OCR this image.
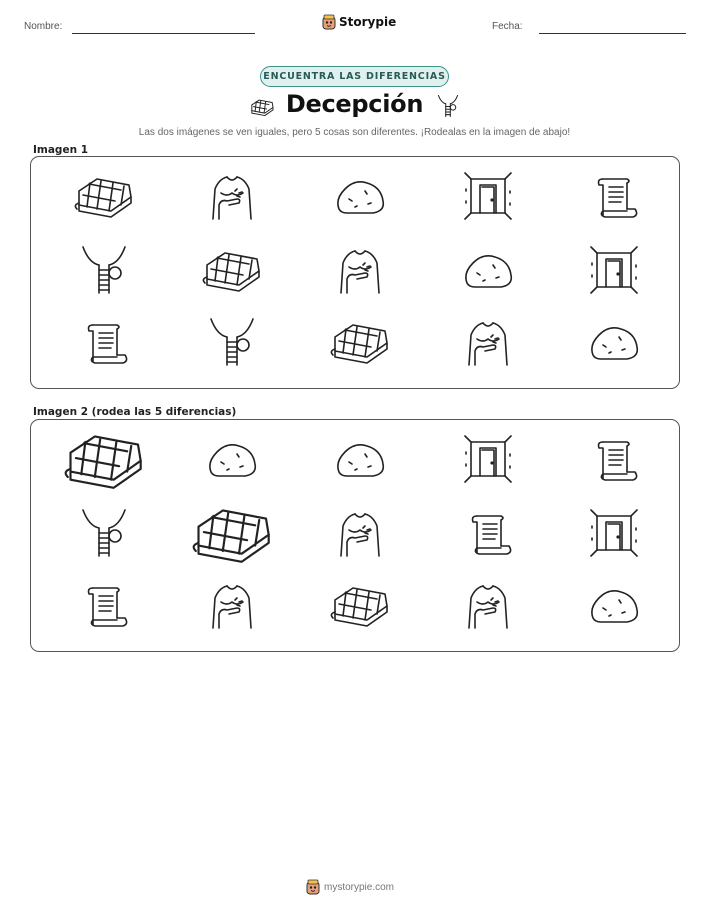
Nombre:	Storypie	Fecha:
ENCUENTRA LAS DIFERENCIAS
Decepción
Las dos imágenes se ven iguales, pero 5 cosas son diferentes. ¡Rodealas en la imagen de abajo!
Imagen 1
Imagen 2 (rodea las 5 diferencias)
mystorypie.com
